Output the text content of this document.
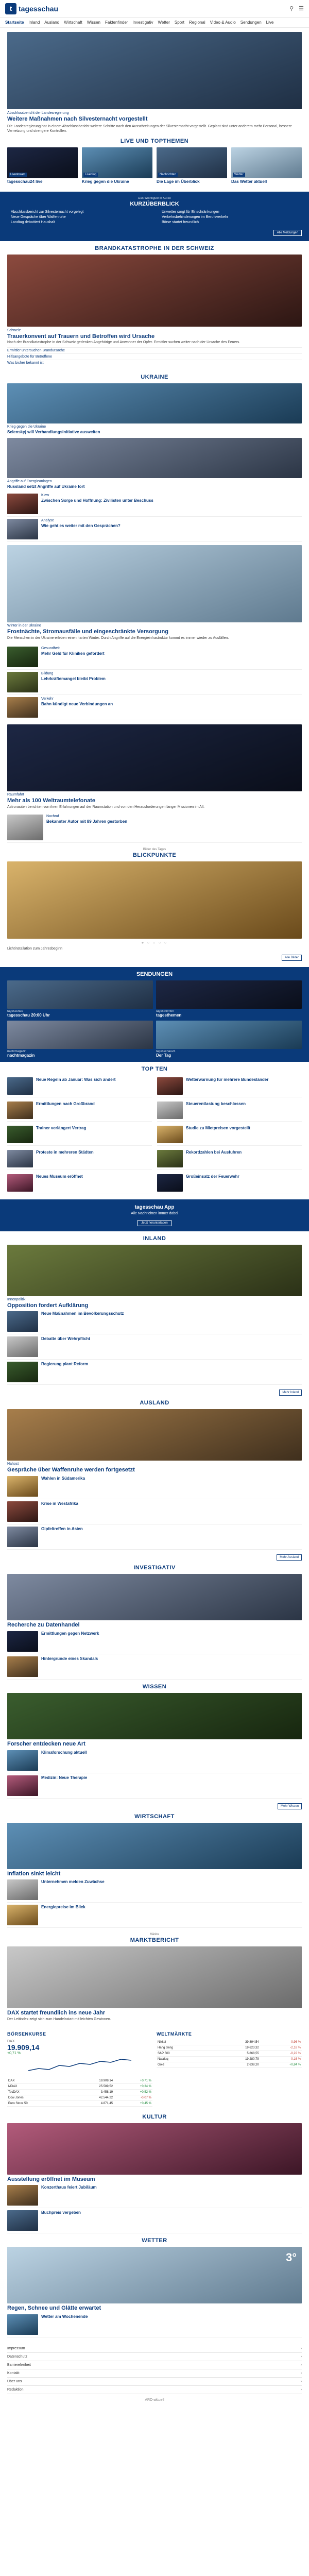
t tagesschau	⚲ ☰
Startseite Inland Ausland Wirtschaft Wissen Faktenfinder Investigativ Wetter Sport Regional Video & Audio Sendungen Live
Abschlussbericht der Landesregierung
Weitere Maßnahmen nach Silvesternacht vorgestellt
Die Landesregierung hat in einem Abschlussbericht weitere Schritte nach den Ausschreitungen der Silvesternacht vorgestellt. Geplant sind unter anderem mehr Personal, bessere Vernetzung und strengere Kontrollen.
LIVE UND TOPTHEMEN
Livestream
tagesschau24 live
Liveblog
Krieg gegen die Ukraine
Nachrichten
Die Lage im Überblick
Wetter
Das Wetter aktuell
Das Wichtigste in Kürze
KURZÜBERBLICK
Abschlussbericht zur Silvesternacht vorgelegt	Unwetter sorgt für Einschränkungen
Neue Gespräche über Waffenruhe	Verkehrsbehinderungen im Berufsverkehr
Landtag debattiert Haushalt	Börse startet freundlich
Alle Meldungen
BRANDKATASTROPHE IN DER SCHWEIZ
Schweiz
Trauerkonvent auf Trauern und Betroffen wird Ursache
Nach der Brandkatastrophe in der Schweiz gedenken Angehörige und Anwohner der Opfer. Ermittler suchen weiter nach der Ursache des Feuers.
Ermittler untersuchen Brandursache
Hilfsangebote für Betroffene
Was bisher bekannt ist
UKRAINE
Krieg gegen die Ukraine
Selenskyj will Verhandlungsinitiative ausweiten
Angriffe auf Energieanlagen
Russland setzt Angriffe auf Ukraine fort
Kiew
Zwischen Sorge und Hoffnung: Zivilisten unter Beschuss
Analyse
Wie geht es weiter mit den Gesprächen?
Winter in der Ukraine
Frostnächte, Stromausfälle und eingeschränkte Versorgung
Die Menschen in der Ukraine erleben einen harten Winter. Durch Angriffe auf die Energieinfrastruktur kommt es immer wieder zu Ausfällen.
Gesundheit
Mehr Geld für Kliniken gefordert
Bildung
Lehrkräftemangel bleibt Problem
Verkehr
Bahn kündigt neue Verbindungen an
Raumfahrt
Mehr als 100 Weltraumtelefonate
Astronauten berichten von ihren Erfahrungen auf der Raumstation und von den Herausforderungen langer Missionen im All.
Nachruf
Bekannter Autor mit 89 Jahren gestorben
Bilder des Tages
BLICKPUNKTE
● ○ ○ ○ ○
Lichtinstallation zum Jahresbeginn
Alle Bilder
SENDUNGEN
tagesschau
tagesschau 20:00 Uhr
tagesthemen
tagesthemen
nachtmagazin
nachtmagazin
tagesschau24
Der Tag
TOP TEN
Neue Regeln ab Januar: Was sich ändert	Wetterwarnung für mehrere Bundesländer
Ermittlungen nach Großbrand	Steuerentlastung beschlossen
Trainer verlängert Vertrag	Studie zu Mietpreisen vorgestellt
Proteste in mehreren Städten	Rekordzahlen bei Ausfuhren
Neues Museum eröffnet	Großeinsatz der Feuerwehr
tagesschau App
Alle Nachrichten immer dabei
Jetzt herunterladen
INLAND
Innenpolitik
Opposition fordert Aufklärung
Neue Maßnahmen im Bevölkerungsschutz
Debatte über Wehrpflicht
Regierung plant Reform
Mehr Inland
AUSLAND
Nahost
Gespräche über Waffenruhe werden fortgesetzt
Wahlen in Südamerika
Krise in Westafrika
Gipfeltreffen in Asien
Mehr Ausland
INVESTIGATIV
Recherche zu Datenhandel
Ermittlungen gegen Netzwerk
Hintergründe eines Skandals
WISSEN
Forscher entdecken neue Art
Klimaforschung aktuell
Medizin: Neue Therapie
Mehr Wissen
WIRTSCHAFT
Inflation sinkt leicht
Unternehmen melden Zuwächse
Energiepreise im Blick
Märkte
MARKTBERICHT
DAX startet freundlich ins neue Jahr
Der Leitindex zeigt sich zum Handelsstart mit leichten Gewinnen.
BÖRSENKURSE
DAX
19.909,14
+0,71 %
DAX	19.909,14	+0,71 %
MDAX	25.589,52	+0,34 %
TecDAX	3.458,19	+0,52 %
Dow Jones	42.544,22	-0,07 %
Euro Stoxx 50	4.871,45	+0,45 %
WELTMÄRKTE
Nikkei	39.894,54	-0,96 %
Hang Seng	19.623,32	-2,18 %
S&P 500	5.868,55	-0,22 %
Nasdaq	19.280,79	-0,16 %
Gold	2.638,20	+0,84 %
KULTUR
Ausstellung eröffnet im Museum
Konzerthaus feiert Jubiläum
Buchpreis vergeben
WETTER
3°
Regen, Schnee und Glätte erwartet
Wetter am Wochenende
Impressum	›
Datenschutz	›
Barrierefreiheit	›
Kontakt	›
Über uns	›
Redaktion	›
ARD-aktuell
